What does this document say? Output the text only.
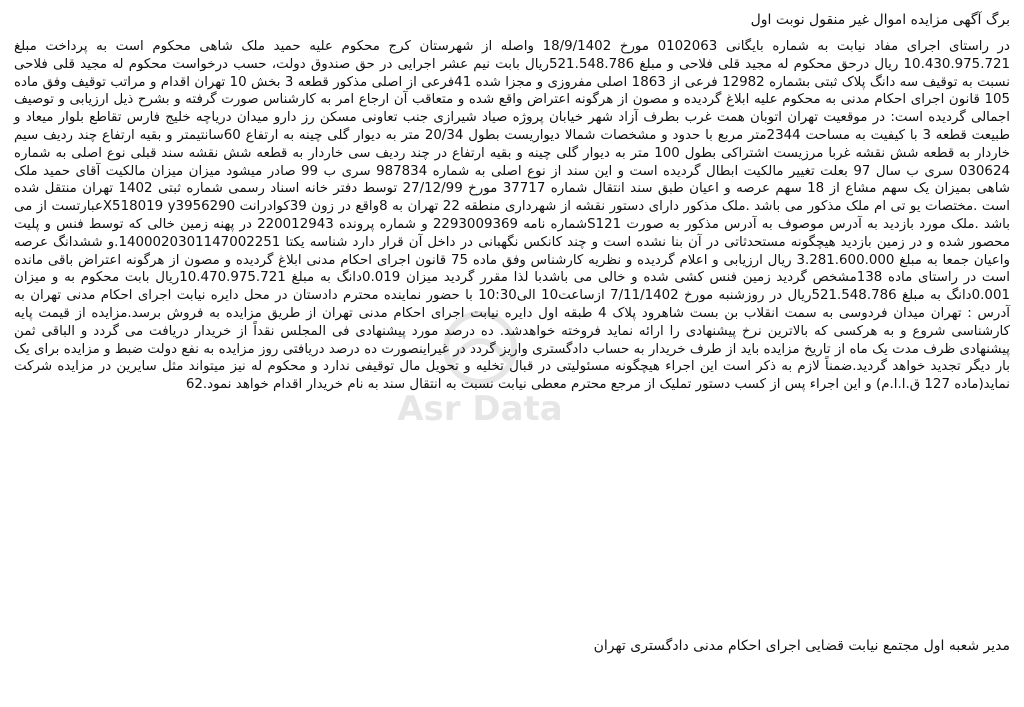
برگ آگهی مزایده اموال غیر منقول نوبت اول

در راستای اجرای مفاد نیابت به شماره بایگانی 0102063 مورخ 18/9/1402 واصله از شهرستان کرج محکوم علیه حمید ملک شاهی محکوم است به پرداخت مبلغ 10.430.975.721 ریال درحق محکوم له مجید قلی فلاحی و مبلغ 521.548.786ریال بابت نیم عشر اجرایی در حق صندوق دولت، حسب درخواست محکوم له مجید قلی فلاحی نسبت به توقیف سه دانگ پلاک ثبتی بشماره 12982 فرعی از 1863 اصلی مفروزی و مجزا شده 41فرعی از اصلی مذکور قطعه 3 بخش 10 تهران اقدام و مراتب توقیف وفق ماده 105 قانون اجرای احکام مدنی به محکوم علیه ابلاغ گردیده و مصون از هرگونه اعتراض واقع شده و متعاقب آن ارجاع امر به کارشناس صورت گرفته و بشرح ذیل ارزیابی و توصیف اجمالی گردیده است: در موقعیت تهران اتوبان همت غرب بطرف آزاد شهر خیابان پروژه صیاد شیرازی جنب تعاونی مسکن رز دارو میدان دریاچه خلیج فارس تقاطع بلوار میعاد و طبیعت قطعه 3 با کیفیت به مساحت 2344متر مربع با حدود و مشخصات شمالا دیواریست بطول 20/34 متر به دیوار گلی چینه به ارتفاع 60سانتیمتر و بقیه ارتفاع چند ردیف سیم خاردار به قطعه شش نقشه غربا مرزیست اشتراکی بطول 100 متر به دیوار گلی چینه و بقیه ارتفاع در چند ردیف سی خاردار به قطعه شش نقشه سند قبلی نوع اصلی به شماره 030624 سری ب سال 97 بعلت تغییر مالکیت ابطال گردیده است و این سند از نوع اصلی به شماره 987834 سری ب 99 صادر میشود میزان میزان مالکیت آقای حمید ملک شاهی بمیزان یک سهم مشاع از 18 سهم عرصه و اعیان طبق سند انتقال شماره 37717 مورخ 27/12/99 توسط دفتر خانه اسناد رسمی شماره ثبتی 1402 تهران منتقل شده است .مختصات یو تی ام ملک مذکور می باشد .ملک مذکور دارای دستور نقشه از شهرداری منطقه 22 تهران به 8واقع در زون 39کوادرانت X518019 y3956290عبارتست از می باشد .ملک مورد بازدید به آدرس موصوف به آدرس مذکور به صورت S121شماره نامه 2293009369 و شماره پرونده 220012943 در پهنه زمین خالی که توسط فنس و پلیت محصور شده و در زمین بازدید هیچگونه مستحدثاتی در آن بنا نشده است و چند کانکس نگهبانی در داخل آن قرار دارد شناسه یکتا 1400020301147002251.و ششدانگ عرصه واعیان جمعا به مبلغ 3.281.600.000 ریال ارزیابی و اعلام گردیده و نظریه کارشناس وفق ماده 75 قانون اجرای احکام مدنی ابلاغ گردیده و مصون از هرگونه اعتراض باقی مانده است در راستای ماده 138مشخص گردید زمین فنس کشی شده و خالی می باشدبا لذا مقرر گردید میزان 0.019دانگ به مبلغ 10.470.975.721ریال بابت محکوم به و میزان 0.001دانگ به مبلغ 521.548.786ریال در روزشنبه مورخ 7/11/1402 ازساعت10 الی10:30 با حضور نماینده محترم دادستان در محل دایره نیابت اجرای احکام مدنی تهران به آدرس : تهران میدان فردوسی به سمت انقلاب بن بست شاهرود پلاک 4 طبقه اول دایره نیابت اجرای احکام مدنی تهران از طریق مزایده به فروش برسد.مزایده از قیمت پایه کارشناسی شروع و به هرکسی که بالاترین نرخ پیشنهادی را ارائه نماید فروخته خواهدشد. ده درصد مورد پیشنهادی فی المجلس نقداً از خریدار دریافت می گردد و الباقی ثمن پیشنهادی ظرف مدت یک ماه از تاریخ مزایده باید از طرف خریدار به حساب دادگستری واریز گردد در غیراینصورت ده درصد دریافتی روز مزایده به نفع دولت ضبط و مزایده برای یک بار دیگر تجدید خواهد گردید.ضمناً لازم به ذکر است این اجراء هیچگونه مسئولیتی در قبال تخلیه و تحویل مال توقیفی ندارد و محکوم له نیز میتواند مثل سایرین در مزایده شرکت نماید(ماده 127 ق.ا.ا.م) و این اجراء پس از کسب دستور تملیک از مرجع محترم معطی نیابت نسبت به انتقال سند به نام خریدار اقدام خواهد نمود.62

مدیر شعبه اول مجتمع نیابت قضایی اجرای احکام مدنی دادگستری تهران
Asr Data
